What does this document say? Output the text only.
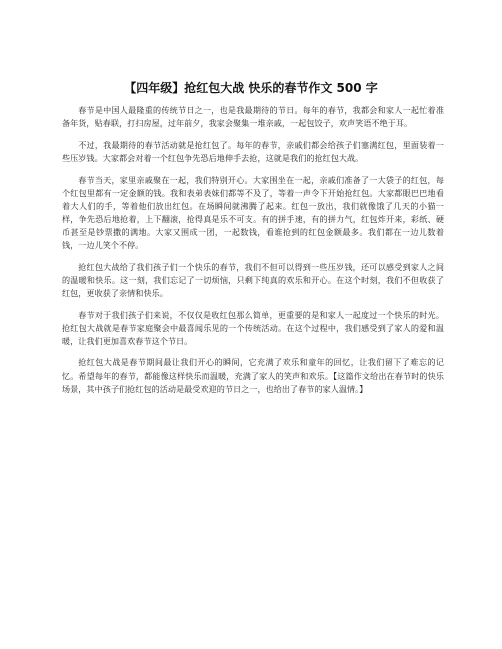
【四年级】抢红包大战 快乐的春节作文 500 字

春节是中国人最隆重的传统节日之一，也是我最期待的节日。每年的春节，我都会和家人一起忙着准备年货，贴春联，打扫房屋，过年前夕，我家会聚集一堆亲戚，一起包饺子，欢声笑语不绝于耳。

不过，我最期待的春节活动就是抢红包了。每年的春节，亲戚们都会给孩子们塞满红包，里面装着一些压岁钱。大家都会对着一个红包争先恐后地伸手去抢，这就是我们的抢红包大战。

春节当天，家里亲戚聚在一起，我们特别开心。大家围坐在一起，亲戚们准备了一大袋子的红包，每个红包里都有一定金额的钱。我和表弟表妹们都等不及了，等着一声令下开始抢红包。大家都眼巴巴地看着大人们的手，等着他们放出红包。在场瞬间就沸腾了起来。红包一放出，我们就像饿了几天的小猫一样，争先恐后地抢着，上下翻滚，抢得真是乐不可支。有的拼手速，有的拼力气，红包炸开来，彩纸、硬币甚至是钞票撒的满地。大家又围成一团，一起数钱，看谁抢到的红包金额最多。我们都在一边儿数着钱，一边儿笑个不停。

抢红包大战给了我们孩子们一个快乐的春节，我们不但可以得到一些压岁钱，还可以感受到家人之间的温暖和快乐。这一刻，我们忘记了一切烦恼，只剩下纯真的欢乐和开心。在这个时刻，我们不但收获了红包，更收获了亲情和快乐。

春节对于我们孩子们来说，不仅仅是收红包那么简单，更重要的是和家人一起度过一个快乐的时光。抢红包大战就是春节家庭聚会中最喜闻乐见的一个传统活动。在这个过程中，我们感受到了家人的爱和温暖，让我们更加喜欢春节这个节日。

抢红包大战是春节期间最让我们开心的瞬间，它充满了欢乐和童年的回忆，让我们留下了难忘的记忆。希望每年的春节，都能像这样快乐而温暖，充满了家人的笑声和欢乐。【这篇作文给出在春节时的快乐场景，其中孩子们抢红包的活动是最受欢迎的节日之一，也给出了春节的家人温情。】
